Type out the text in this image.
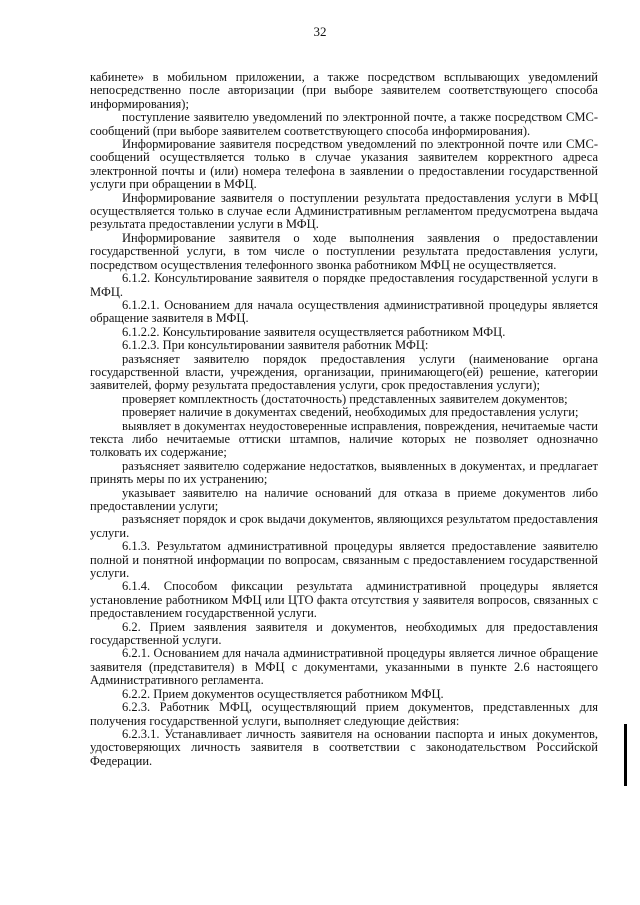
32

кабинете» в мобильном приложении, а также посредством всплывающих уведомлений непосредственно после авторизации (при выборе заявителем соответствующего способа информирования);

поступление заявителю уведомлений по электронной почте, а также посредством СМС-сообщений (при выборе заявителем соответствующего способа информирования).

Информирование заявителя посредством уведомлений по электронной почте или СМС-сообщений осуществляется только в случае указания заявителем корректного адреса электронной почты и (или) номера телефона в заявлении о предоставлении государственной услуги при обращении в МФЦ.

Информирование заявителя о поступлении результата предоставления услуги в МФЦ осуществляется только в случае если Административным регламентом предусмотрена выдача результата предоставлении услуги в МФЦ.

Информирование заявителя о ходе выполнения заявления о предоставлении государственной услуги, в том числе о поступлении результата предоставления услуги, посредством осуществления телефонного звонка работником МФЦ не осуществляется.

6.1.2. Консультирование заявителя о порядке предоставления государственной услуги в МФЦ.

6.1.2.1. Основанием для начала осуществления административной процедуры является обращение заявителя в МФЦ.

6.1.2.2. Консультирование заявителя осуществляется работником МФЦ.

6.1.2.3. При консультировании заявителя работник МФЦ:

разъясняет заявителю порядок предоставления услуги (наименование органа государственной власти, учреждения, организации, принимающего(ей) решение, категории заявителей, форму результата предоставления услуги, срок предоставления услуги);

проверяет комплектность (достаточность) представленных заявителем документов;

проверяет наличие в документах сведений, необходимых для предоставления услуги;

выявляет в документах неудостоверенные исправления, повреждения, нечитаемые части текста либо нечитаемые оттиски штампов, наличие которых не позволяет однозначно толковать их содержание;

разъясняет заявителю содержание недостатков, выявленных в документах, и предлагает принять меры по их устранению;

указывает заявителю на наличие оснований для отказа в приеме документов либо предоставлении услуги;

разъясняет порядок и срок выдачи документов, являющихся результатом предоставления услуги.

6.1.3. Результатом административной процедуры является предоставление заявителю полной и понятной информации по вопросам, связанным с предоставлением государственной услуги.

6.1.4. Способом фиксации результата административной процедуры является установление работником МФЦ или ЦТО факта отсутствия у заявителя вопросов, связанных с предоставлением государственной услуги.

6.2. Прием заявления заявителя и документов, необходимых для предоставления государственной услуги.

6.2.1. Основанием для начала административной процедуры является личное обращение заявителя (представителя) в МФЦ с документами, указанными в пункте 2.6 настоящего Административного регламента.

6.2.2. Прием документов осуществляется работником МФЦ.

6.2.3. Работник МФЦ, осуществляющий прием документов, представленных для получения государственной услуги, выполняет следующие действия:

6.2.3.1. Устанавливает личность заявителя на основании паспорта и иных документов, удостоверяющих личность заявителя в соответствии с законодательством Российской Федерации.
